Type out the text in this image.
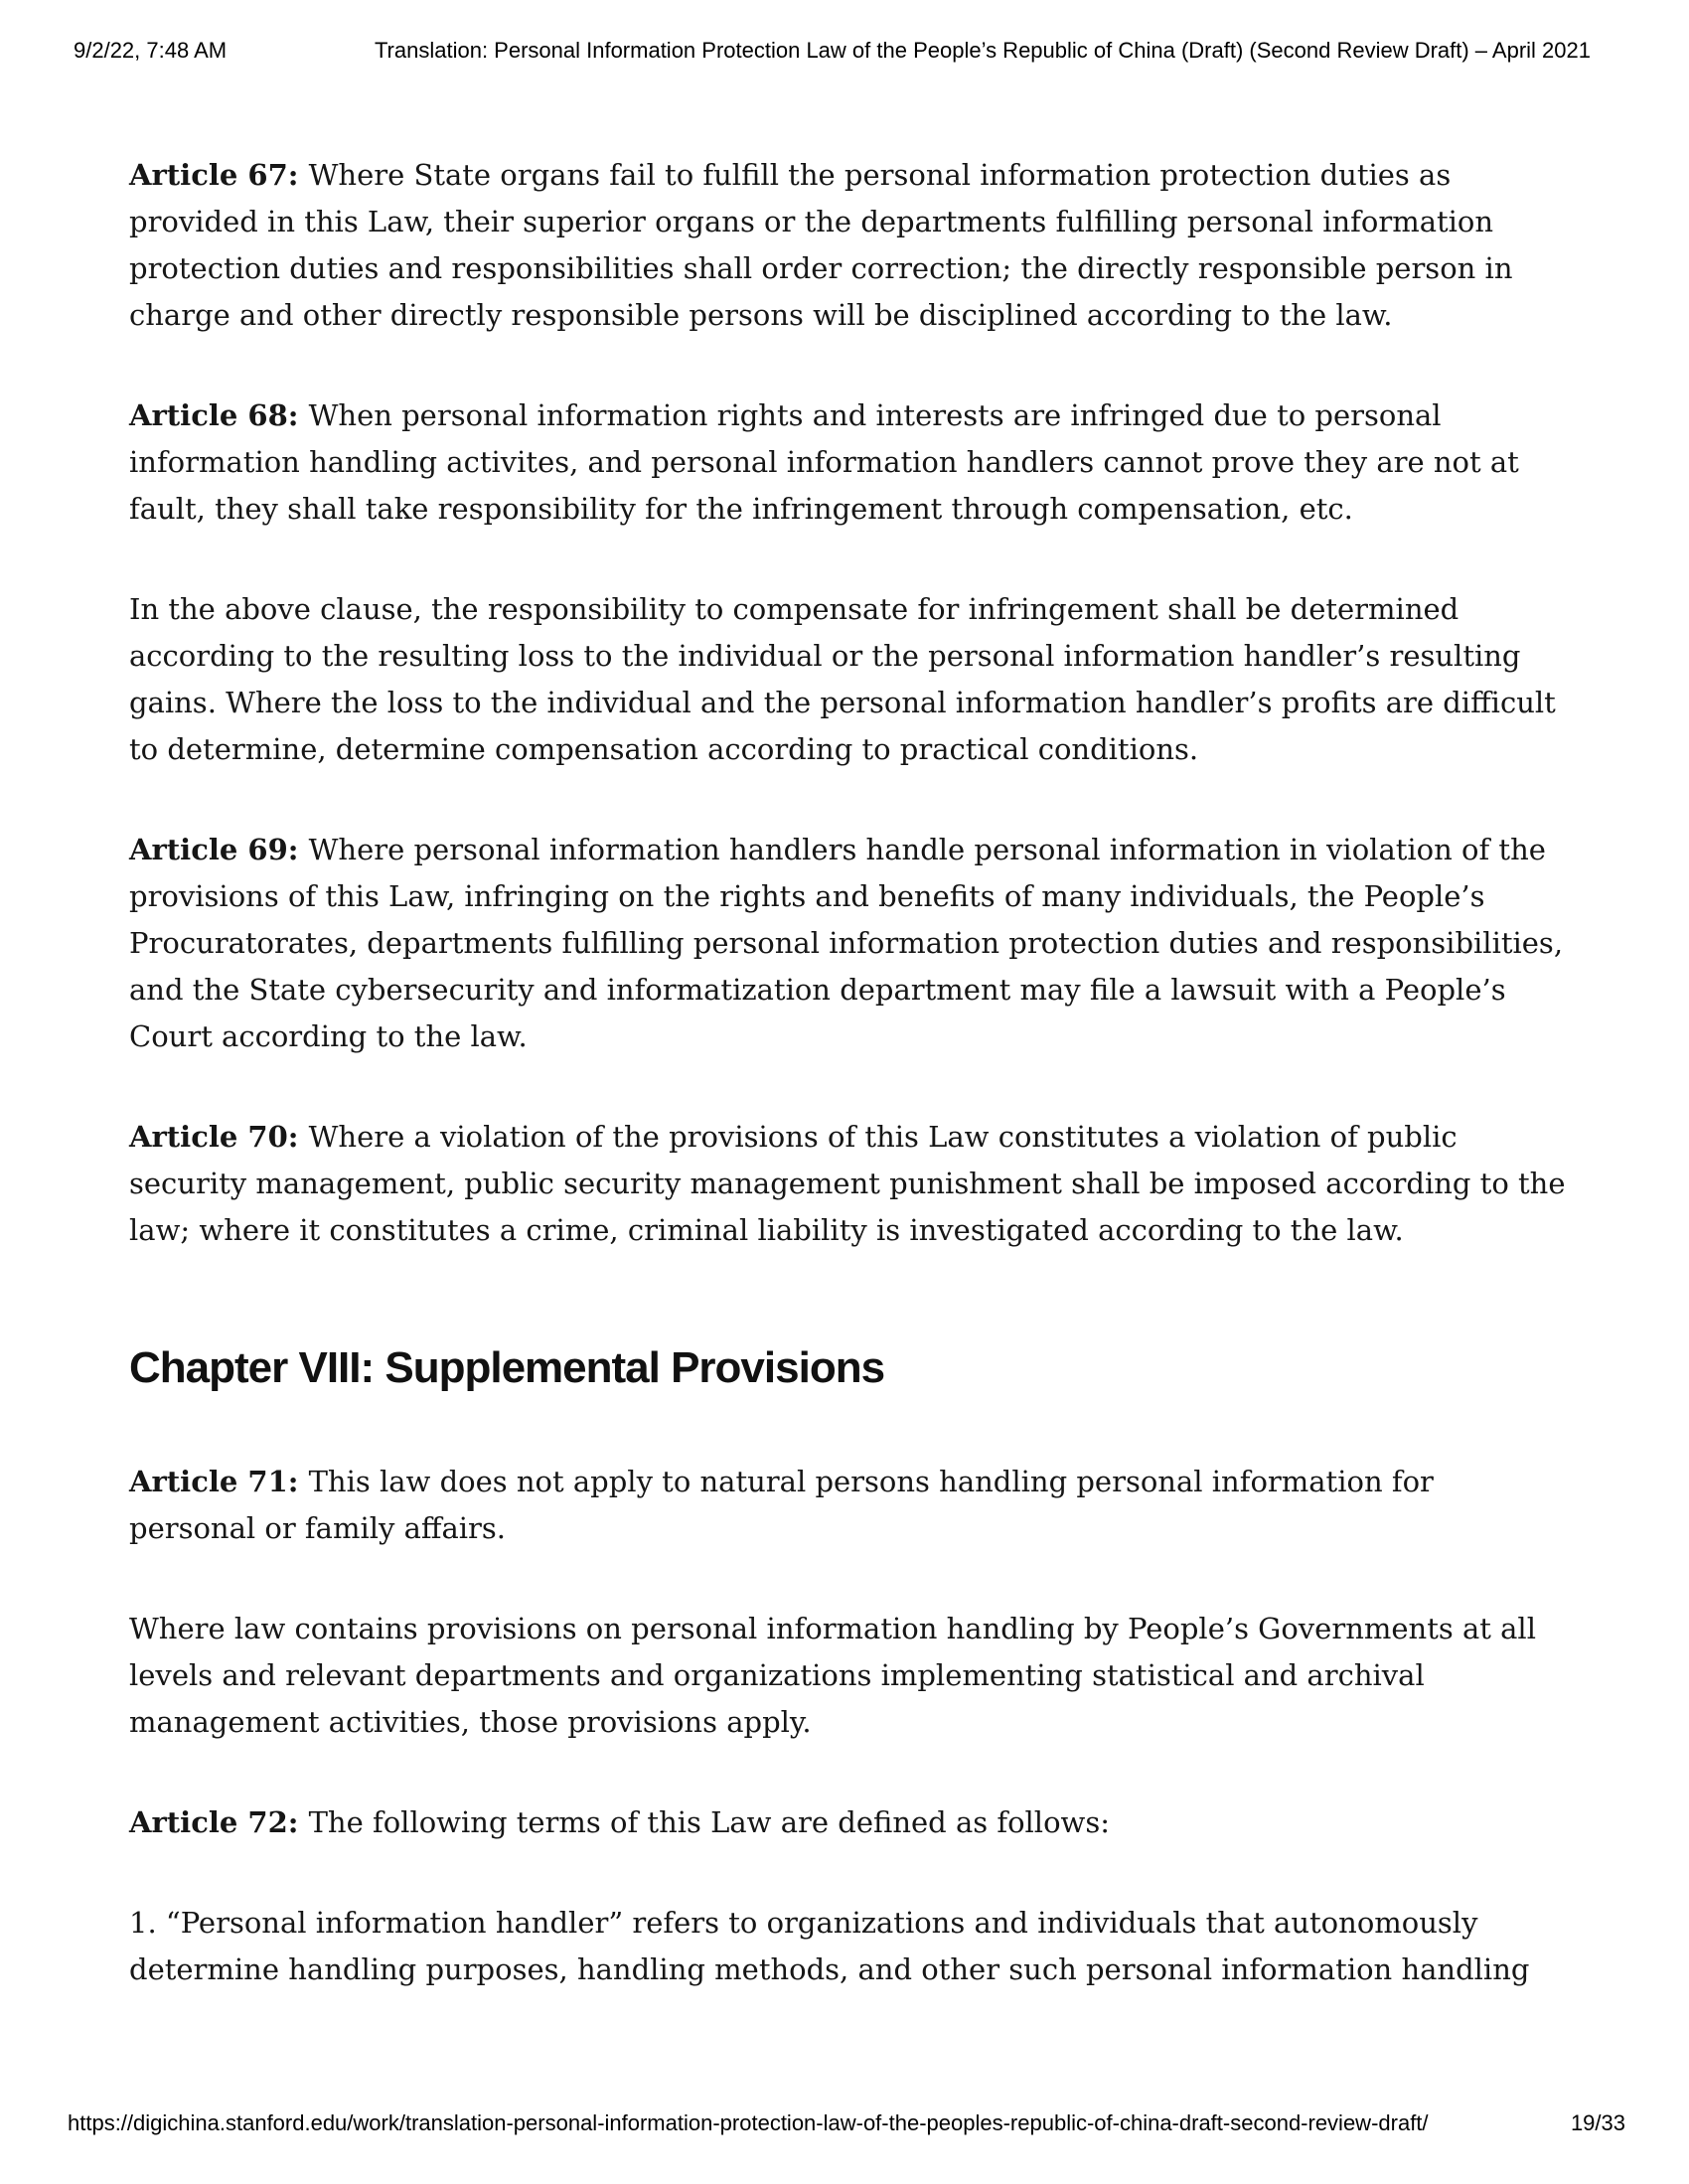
9/2/22, 7:48 AM	Translation: Personal Information Protection Law of the People’s Republic of China (Draft) (Second Review Draft) – April 2021

Article 67: Where State organs fail to fulfill the personal information protection duties as provided in this Law, their superior organs or the departments fulfilling personal information protection duties and responsibilities shall order correction; the directly responsible person in charge and other directly responsible persons will be disciplined according to the law.

Article 68: When personal information rights and interests are infringed due to personal information handling activites, and personal information handlers cannot prove they are not at fault, they shall take responsibility for the infringement through compensation, etc.

In the above clause, the responsibility to compensate for infringement shall be determined according to the resulting loss to the individual or the personal information handler’s resulting gains. Where the loss to the individual and the personal information handler’s profits are difficult to determine, determine compensation according to practical conditions.

Article 69: Where personal information handlers handle personal information in violation of the provisions of this Law, infringing on the rights and benefits of many individuals, the People’s Procuratorates, departments fulfilling personal information protection duties and responsibilities, and the State cybersecurity and informatization department may file a lawsuit with a People’s Court according to the law.

Article 70: Where a violation of the provisions of this Law constitutes a violation of public security management, public security management punishment shall be imposed according to the law; where it constitutes a crime, criminal liability is investigated according to the law.

Chapter VIII: Supplemental Provisions

Article 71: This law does not apply to natural persons handling personal information for personal or family affairs.

Where law contains provisions on personal information handling by People’s Governments at all levels and relevant departments and organizations implementing statistical and archival management activities, those provisions apply.

Article 72: The following terms of this Law are defined as follows:

1. “Personal information handler” refers to organizations and individuals that autonomously determine handling purposes, handling methods, and other such personal information handling

https://digichina.stanford.edu/work/translation-personal-information-protection-law-of-the-peoples-republic-of-china-draft-second-review-draft/	19/33
